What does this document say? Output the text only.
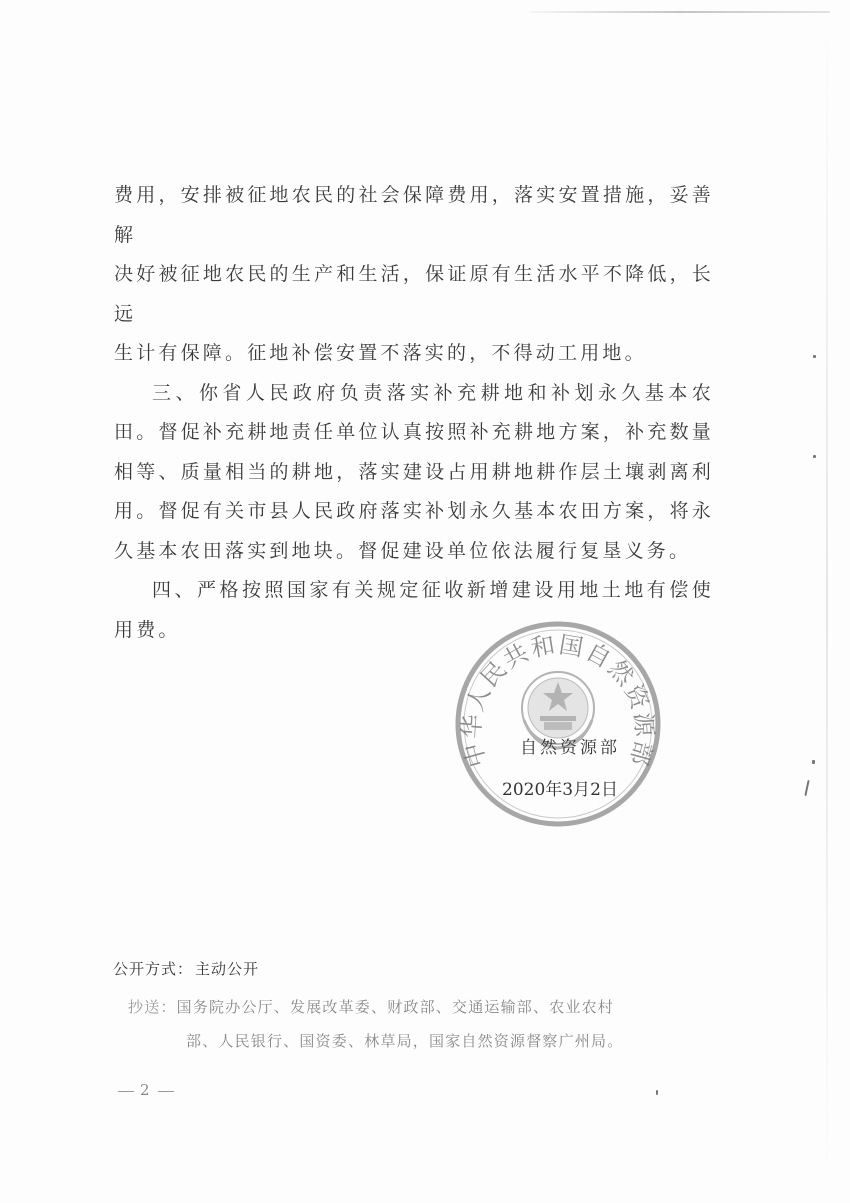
费用，安排被征地农民的社会保障费用，落实安置措施，妥善解

决好被征地农民的生产和生活，保证原有生活水平不降低，长远

生计有保障。征地补偿安置不落实的，不得动工用地。

三、你省人民政府负责落实补充耕地和补划永久基本农田。督促补充耕地责任单位认真按照补充耕地方案，补充数量相等、质量相当的耕地，落实建设占用耕地耕作层土壤剥离利用。督促有关市县人民政府落实补划永久基本农田方案，将永久基本农田落实到地块。督促建设单位依法履行复垦义务。

四、严格按照国家有关规定征收新增建设用地土地有偿使用费。

中华人民共和国自然资源部
自然资源部
2020年3月2日
公开方式： 主动公开
抄送：国务院办公厅、发展改革委、财政部、交通运输部、农业农村
部、人民银行、国资委、林草局，国家自然资源督察广州局。
2
